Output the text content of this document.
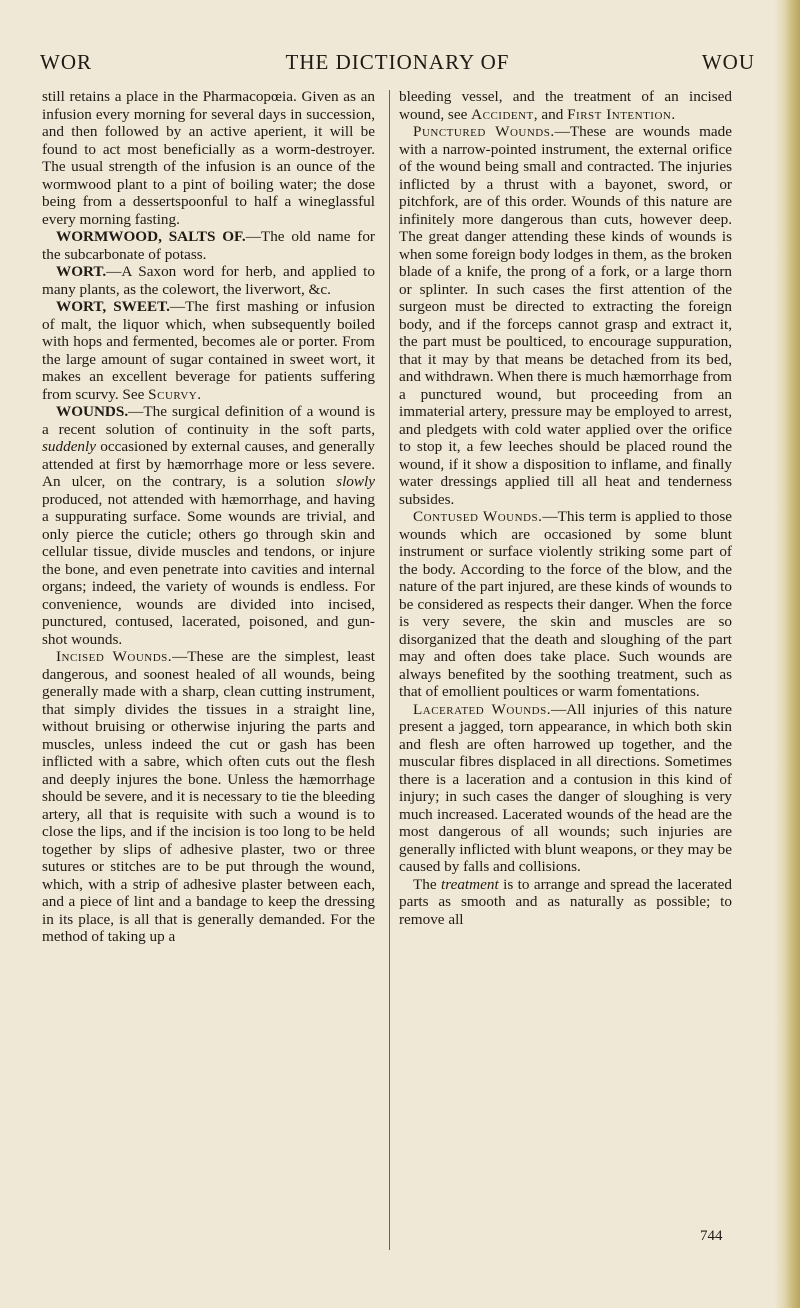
WOR	THE DICTIONARY OF	WOU

still retains a place in the Pharmacopœia. Given as an infusion every morning for several days in succession, and then followed by an active aperient, it will be found to act most beneficially as a worm-destroyer. The usual strength of the infusion is an ounce of the wormwood plant to a pint of boiling water; the dose being from a dessertspoonful to half a wineglassful every morning fasting.

WORMWOOD, SALTS OF.—The old name for the subcarbonate of potass.

WORT.—A Saxon word for herb, and applied to many plants, as the colewort, the liverwort, &c.

WORT, SWEET.—The first mashing or infusion of malt, the liquor which, when subsequently boiled with hops and fermented, becomes ale or porter. From the large amount of sugar contained in sweet wort, it makes an excellent beverage for patients suffering from scurvy. See Scurvy.

WOUNDS.—The surgical definition of a wound is a recent solution of continuity in the soft parts, suddenly occasioned by external causes, and generally attended at first by hæmorrhage more or less severe. An ulcer, on the contrary, is a solution slowly produced, not attended with hæmorrhage, and having a suppurating surface. Some wounds are trivial, and only pierce the cuticle; others go through skin and cellular tissue, divide muscles and tendons, or injure the bone, and even penetrate into cavities and internal organs; indeed, the variety of wounds is endless. For convenience, wounds are divided into incised, punctured, contused, lacerated, poisoned, and gun-shot wounds.

Incised Wounds.—These are the simplest, least dangerous, and soonest healed of all wounds, being generally made with a sharp, clean cutting instrument, that simply divides the tissues in a straight line, without bruising or otherwise injuring the parts and muscles, unless indeed the cut or gash has been inflicted with a sabre, which often cuts out the flesh and deeply injures the bone. Unless the hæmorrhage should be severe, and it is necessary to tie the bleeding artery, all that is requisite with such a wound is to close the lips, and if the incision is too long to be held together by slips of adhesive plaster, two or three sutures or stitches are to be put through the wound, which, with a strip of adhesive plaster between each, and a piece of lint and a bandage to keep the dressing in its place, is all that is generally demanded. For the method of taking up a

bleeding vessel, and the treatment of an incised wound, see Accident, and First Intention.

Punctured Wounds.—These are wounds made with a narrow-pointed instrument, the external orifice of the wound being small and contracted. The injuries inflicted by a thrust with a bayonet, sword, or pitchfork, are of this order. Wounds of this nature are infinitely more dangerous than cuts, however deep. The great danger attending these kinds of wounds is when some foreign body lodges in them, as the broken blade of a knife, the prong of a fork, or a large thorn or splinter. In such cases the first attention of the surgeon must be directed to extracting the foreign body, and if the forceps cannot grasp and extract it, the part must be poulticed, to encourage suppuration, that it may by that means be detached from its bed, and withdrawn. When there is much hæmorrhage from a punctured wound, but proceeding from an immaterial artery, pressure may be employed to arrest, and pledgets with cold water applied over the orifice to stop it, a few leeches should be placed round the wound, if it show a disposition to inflame, and finally water dressings applied till all heat and tenderness subsides.

Contused Wounds.—This term is applied to those wounds which are occasioned by some blunt instrument or surface violently striking some part of the body. According to the force of the blow, and the nature of the part injured, are these kinds of wounds to be considered as respects their danger. When the force is very severe, the skin and muscles are so disorganized that the death and sloughing of the part may and often does take place. Such wounds are always benefited by the soothing treatment, such as that of emollient poultices or warm fomentations.

Lacerated Wounds.—All injuries of this nature present a jagged, torn appearance, in which both skin and flesh are often harrowed up together, and the muscular fibres displaced in all directions. Sometimes there is a laceration and a contusion in this kind of injury; in such cases the danger of sloughing is very much increased. Lacerated wounds of the head are the most dangerous of all wounds; such injuries are generally inflicted with blunt weapons, or they may be caused by falls and collisions.

The treatment is to arrange and spread the lacerated parts as smooth and as naturally as possible; to remove all

744
